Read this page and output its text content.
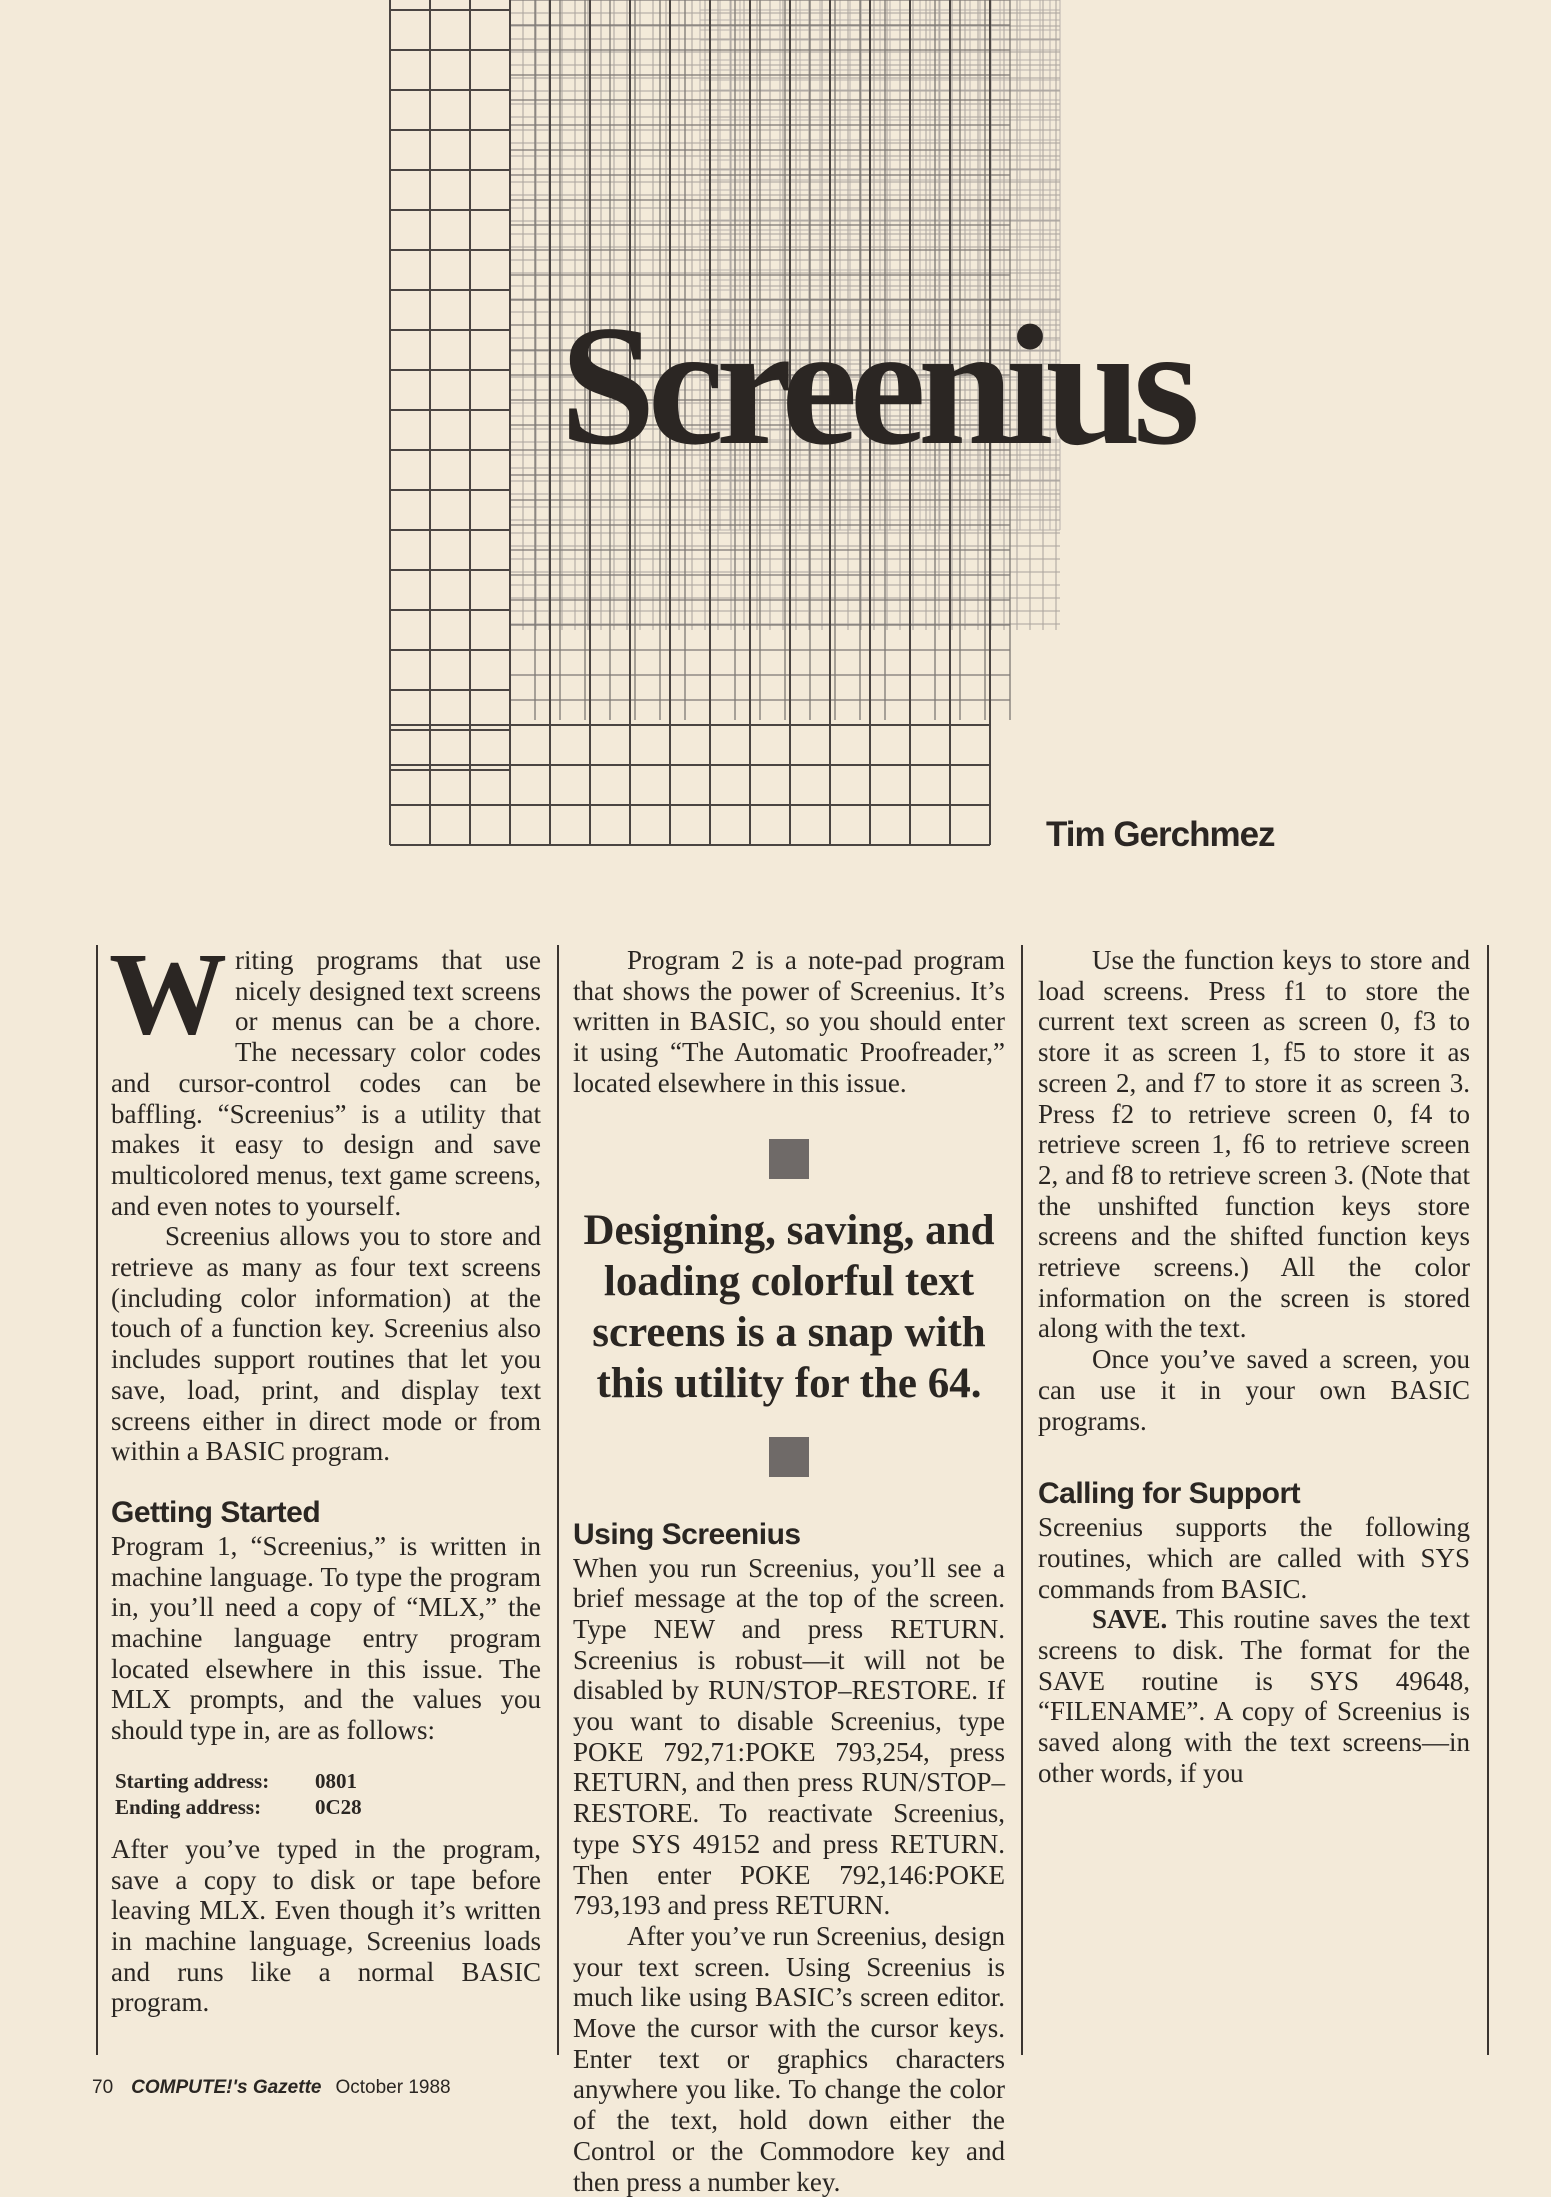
Screenius
Tim Gerchmez

Writing programs that use nicely designed text screens or menus can be a chore. The necessary color codes and cursor-control codes can be baffling. “Screenius” is a utility that makes it easy to design and save multicolored menus, text game screens, and even notes to yourself.

Screenius allows you to store and retrieve as many as four text screens (including color information) at the touch of a function key. Screenius also includes support routines that let you save, load, print, and display text screens either in direct mode or from within a BASIC program.

Getting Started

Program 1, “Screenius,” is written in machine language. To type the program in, you’ll need a copy of “MLX,” the machine language entry program located elsewhere in this issue. The MLX prompts, and the values you should type in, are as follows:

Starting address: 0801
Ending address:	0C28

After you’ve typed in the program, save a copy to disk or tape before leaving MLX. Even though it’s written in machine language, Screenius loads and runs like a normal BASIC program.

Program 2 is a note-pad program that shows the power of Screenius. It’s written in BASIC, so you should enter it using “The Automatic Proofreader,” located elsewhere in this issue.

Designing, saving, and loading colorful text screens is a snap with this utility for the 64.
Using Screenius

When you run Screenius, you’ll see a brief message at the top of the screen. Type NEW and press RETURN. Screenius is robust—it will not be disabled by RUN/STOP–RESTORE. If you want to disable Screenius, type POKE 792,71:POKE 793,254, press RETURN, and then press RUN/STOP–RESTORE. To reactivate Screenius, type SYS 49152 and press RETURN. Then enter POKE 792,146:POKE 793,193 and press RETURN.

After you’ve run Screenius, design your text screen. Using Screenius is much like using BASIC’s screen editor. Move the cursor with the cursor keys. Enter text or graphics characters anywhere you like. To change the color of the text, hold down either the Control or the Commodore key and then press a number key.

Use the function keys to store and load screens. Press f1 to store the current text screen as screen 0, f3 to store it as screen 1, f5 to store it as screen 2, and f7 to store it as screen 3. Press f2 to retrieve screen 0, f4 to retrieve screen 1, f6 to retrieve screen 2, and f8 to retrieve screen 3. (Note that the unshifted function keys store screens and the shifted function keys retrieve screens.) All the color information on the screen is stored along with the text.

Once you’ve saved a screen, you can use it in your own BASIC programs.

Calling for Support

Screenius supports the following routines, which are called with SYS commands from BASIC.

SAVE. This routine saves the text screens to disk. The format for the SAVE routine is SYS 49648, “FILENAME”. A copy of Screenius is saved along with the text screens—in other words, if you

70 COMPUTE!'s Gazette October 1988
